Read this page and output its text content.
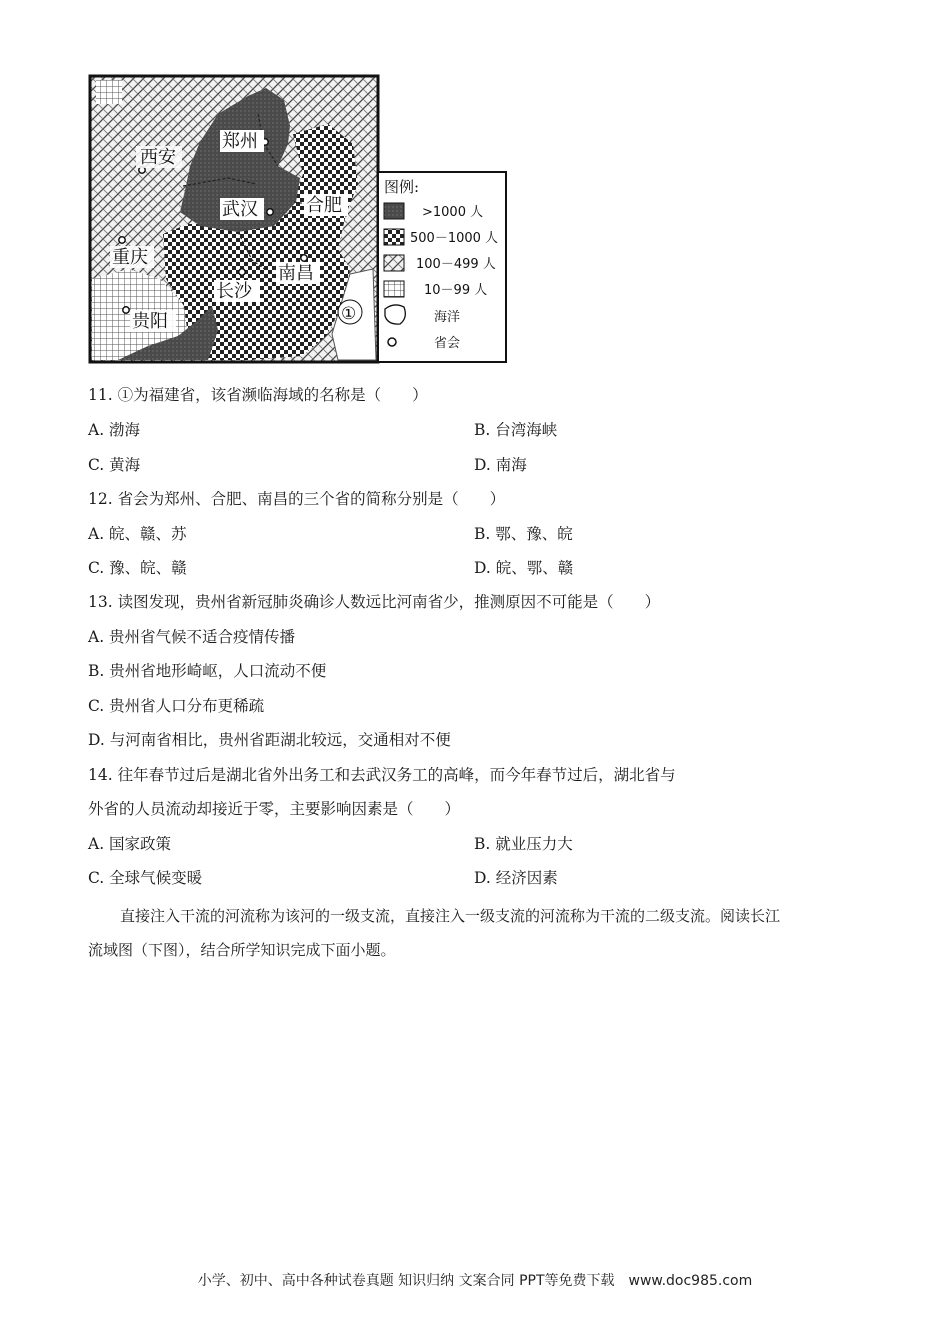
郑州
西安
武汉	合肥
重庆
长沙
南昌
贵阳	①
图例:
>1000 人
500－1000 人
100－499 人
10－99 人
海洋
省会
11. ①为福建省，该省濒临海域的名称是（　　）
A. 渤海	B. 台湾海峡
C. 黄海	D. 南海
12. 省会为郑州、合肥、南昌的三个省的简称分别是（　　）
A. 皖、赣、苏	B. 鄂、豫、皖
C. 豫、皖、赣	D. 皖、鄂、赣
13. 读图发现，贵州省新冠肺炎确诊人数远比河南省少，推测原因不可能是（　　）
A. 贵州省气候不适合疫情传播
B. 贵州省地形崎岖，人口流动不便
C. 贵州省人口分布更稀疏
D. 与河南省相比，贵州省距湖北较远，交通相对不便
14. 往年春节过后是湖北省外出务工和去武汉务工的高峰，而今年春节过后，湖北省与
外省的人员流动却接近于零，主要影响因素是（　　）
A. 国家政策	B. 就业压力大
C. 全球气候变暖	D. 经济因素
直接注入干流的河流称为该河的一级支流，直接注入一级支流的河流称为干流的二级支流。阅读长江
流域图（下图），结合所学知识完成下面小题。
小学、初中、高中各种试卷真题 知识归纳 文案合同 PPT等免费下载　www.doc985.com
